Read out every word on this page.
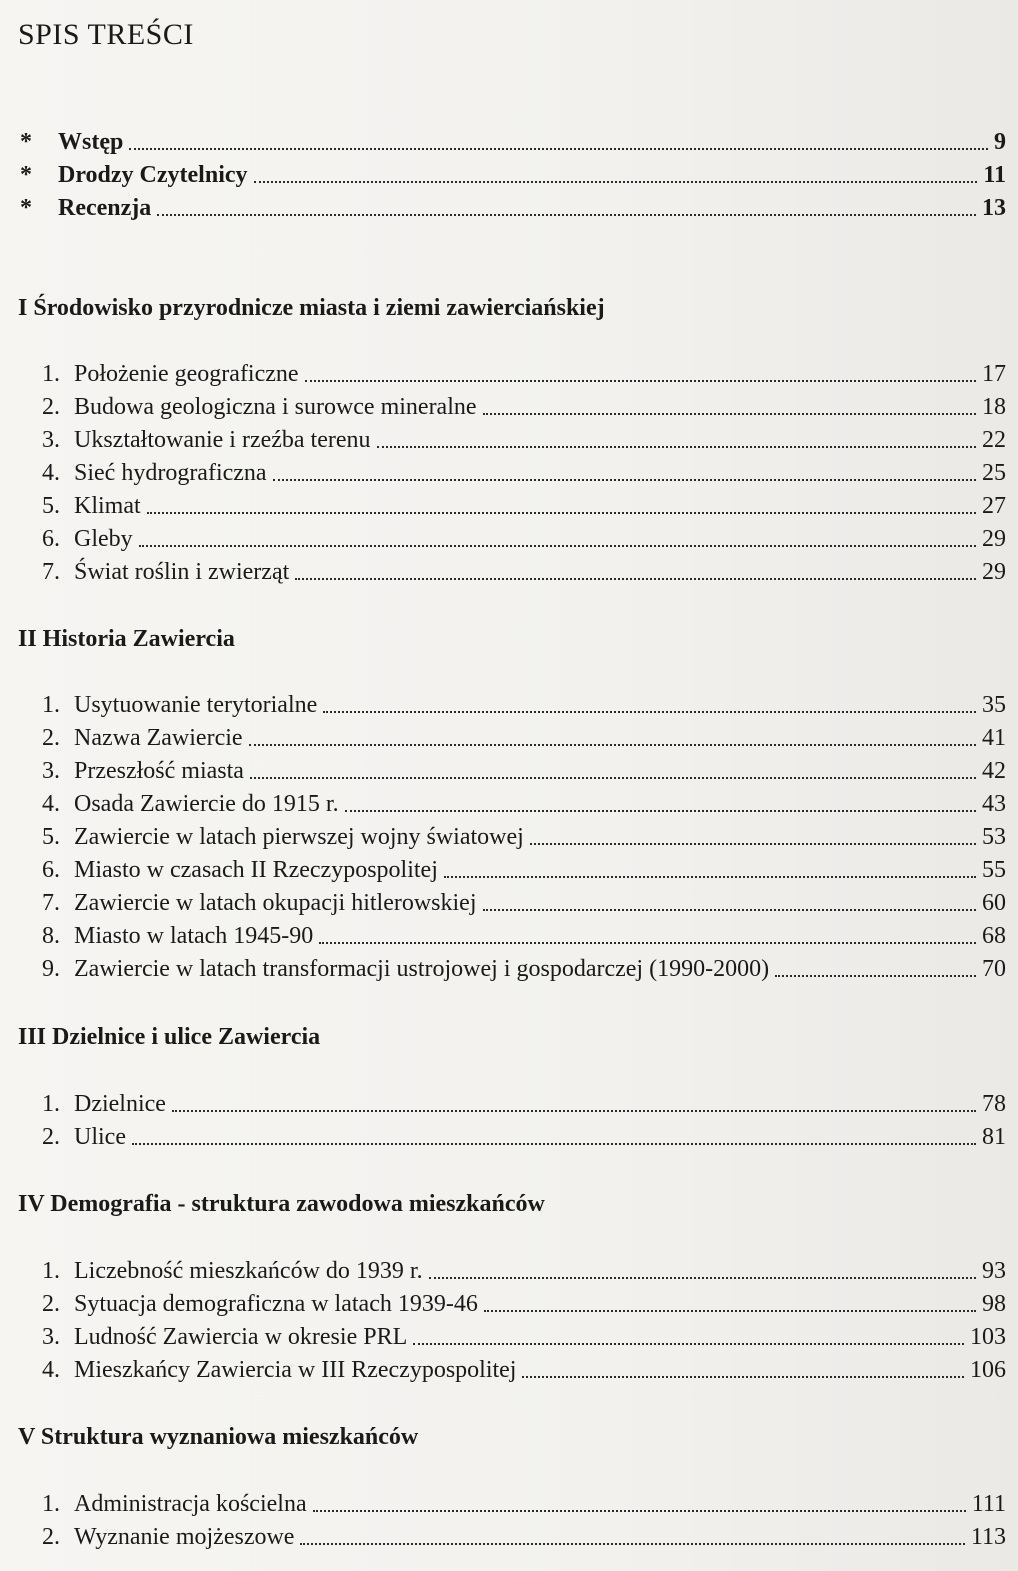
SPIS TREŚCI
*	Wstęp	9
*	Drodzy Czytelnicy	11
*	Recenzja	13
I Środowisko przyrodnicze miasta i ziemi zawierciańskiej
1. Położenie geograficzne	17
2. Budowa geologiczna i surowce mineralne	18
3. Ukształtowanie i rzeźba terenu	22
4. Sieć hydrograficzna	25
5. Klimat	27
6. Gleby	29
7. Świat roślin i zwierząt	29
II Historia Zawiercia
1. Usytuowanie terytorialne	35
2. Nazwa Zawiercie	41
3. Przeszłość miasta	42
4. Osada Zawiercie do 1915 r.	43
5. Zawiercie w latach pierwszej wojny światowej	53
6. Miasto w czasach II Rzeczypospolitej	55
7. Zawiercie w latach okupacji hitlerowskiej	60
8. Miasto w latach 1945-90	68
9. Zawiercie w latach transformacji ustrojowej i gospodarczej (1990-2000)	70
III Dzielnice i ulice Zawiercia
1. Dzielnice	78
2. Ulice	81
IV Demografia - struktura zawodowa mieszkańców
1. Liczebność mieszkańców do 1939 r.	93
2. Sytuacja demograficzna w latach 1939-46	98
3. Ludność Zawiercia w okresie PRL	103
4. Mieszkańcy Zawiercia w III Rzeczypospolitej	106
V Struktura wyznaniowa mieszkańców
1. Administracja kościelna	111
2. Wyznanie mojżeszowe	113
